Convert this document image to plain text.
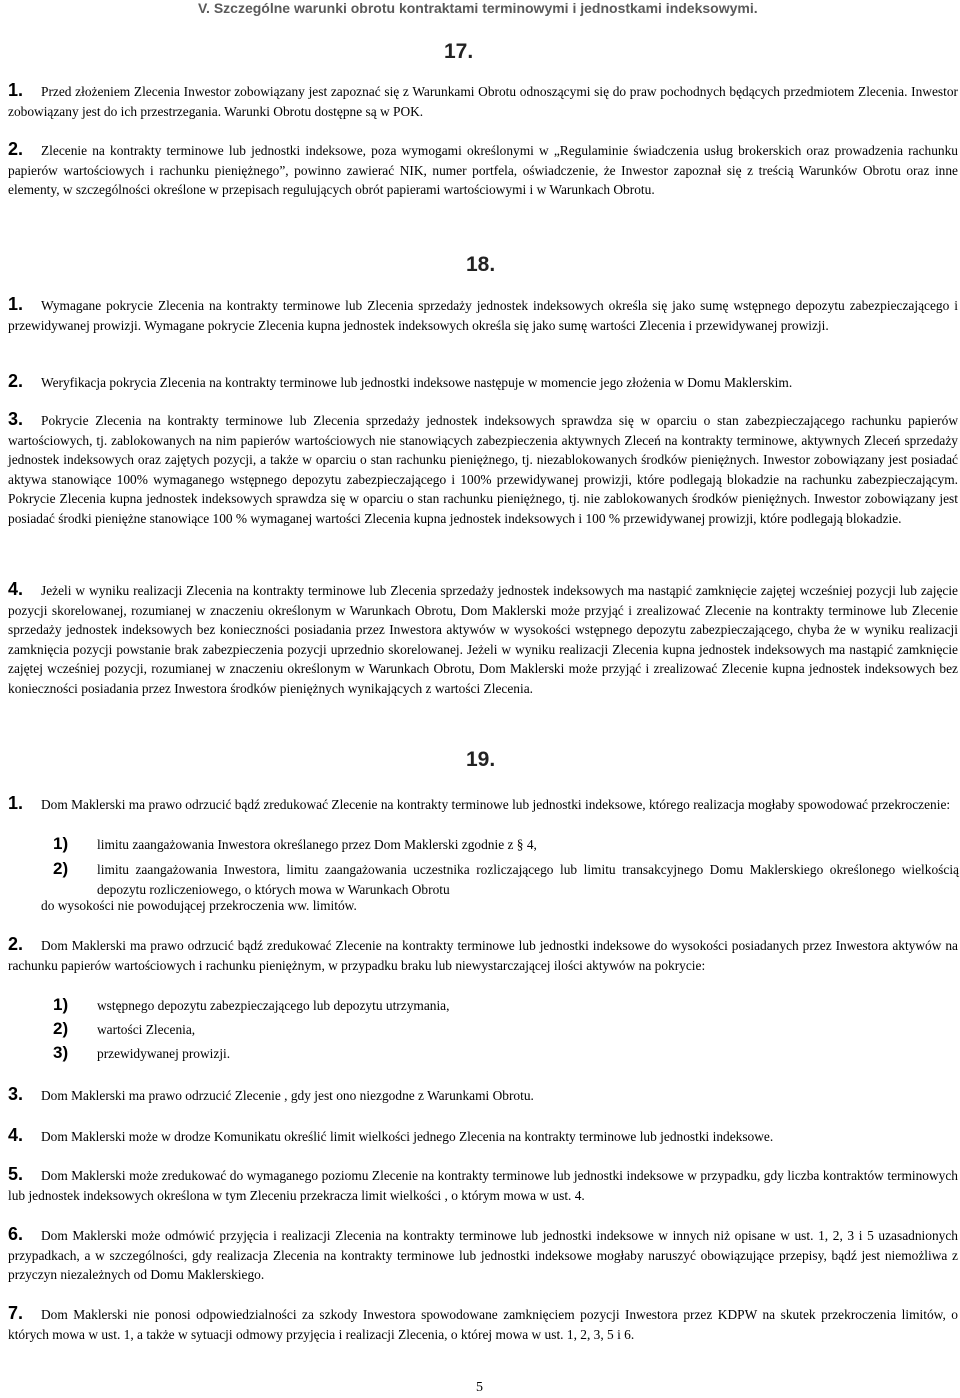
V. Szczególne warunki obrotu kontraktami terminowymi i jednostkami indeksowymi.
17.
1.	Przed złożeniem Zlecenia Inwestor zobowiązany jest zapoznać się z Warunkami Obrotu odnoszącymi się do praw pochodnych będących przedmiotem Zlecenia. Inwestor zobowiązany jest do ich przestrzegania. Warunki Obrotu dostępne są w POK.
2.	Zlecenie na kontrakty terminowe lub jednostki indeksowe, poza wymogami określonymi w „Regulaminie świadczenia usług brokerskich oraz prowadzenia rachunku papierów wartościowych i rachunku pieniężnego”, powinno zawierać NIK, numer portfela, oświadczenie, że Inwestor zapoznał się z treścią Warunków Obrotu oraz inne elementy, w szczególności określone w przepisach regulujących obrót papierami wartościowymi i w Warunkach Obrotu.
18.
1.	Wymagane pokrycie Zlecenia na kontrakty terminowe lub Zlecenia sprzedaży jednostek indeksowych określa się jako sumę wstępnego depozytu zabezpieczającego i przewidywanej prowizji. Wymagane pokrycie Zlecenia kupna jednostek indeksowych określa się jako sumę wartości Zlecenia i przewidywanej prowizji.
2.	Weryfikacja pokrycia Zlecenia na kontrakty terminowe lub jednostki indeksowe następuje w momencie jego złożenia w Domu Maklerskim.
3.	Pokrycie Zlecenia na kontrakty terminowe lub Zlecenia sprzedaży jednostek indeksowych sprawdza się w oparciu o stan zabezpieczającego rachunku papierów wartościowych, tj. zablokowanych na nim papierów wartościowych nie stanowiących zabezpieczenia aktywnych Zleceń na kontrakty terminowe, aktywnych Zleceń sprzedaży jednostek indeksowych oraz zajętych pozycji, a także w oparciu o stan rachunku pieniężnego, tj. niezablokowanych środków pieniężnych. Inwestor zobowiązany jest posiadać aktywa stanowiące 100% wymaganego wstępnego depozytu zabezpieczającego i 100% przewidywanej prowizji, które podlegają blokadzie na rachunku zabezpieczającym. Pokrycie Zlecenia kupna jednostek indeksowych sprawdza się w oparciu o stan rachunku pieniężnego, tj. nie zablokowanych środków pieniężnych. Inwestor zobowiązany jest posiadać środki pieniężne stanowiące 100 % wymaganej wartości Zlecenia kupna jednostek indeksowych i 100 % przewidywanej prowizji, które podlegają blokadzie.
4.	Jeżeli w wyniku realizacji Zlecenia na kontrakty terminowe lub Zlecenia sprzedaży jednostek indeksowych ma nastąpić zamknięcie zajętej wcześniej pozycji lub zajęcie pozycji skorelowanej, rozumianej w znaczeniu określonym w Warunkach Obrotu, Dom Maklerski może przyjąć i zrealizować Zlecenie na kontrakty terminowe lub Zlecenie sprzedaży jednostek indeksowych bez konieczności posiadania przez Inwestora aktywów w wysokości wstępnego depozytu zabezpieczającego, chyba że w wyniku realizacji zamknięcia pozycji powstanie brak zabezpieczenia pozycji uprzednio skorelowanej. Jeżeli w wyniku realizacji Zlecenia kupna jednostek indeksowych ma nastąpić zamknięcie zajętej wcześniej pozycji, rozumianej w znaczeniu określonym w Warunkach Obrotu, Dom Maklerski może przyjąć i zrealizować Zlecenie kupna jednostek indeksowych bez konieczności posiadania przez Inwestora środków pieniężnych wynikających z wartości Zlecenia.
19.
1.	Dom Maklerski ma prawo odrzucić bądź zredukować Zlecenie na kontrakty terminowe lub jednostki indeksowe, którego realizacja mogłaby spowodować przekroczenie:
1) limitu zaangażowania Inwestora określanego przez Dom Maklerski zgodnie z § 4,
2) limitu zaangażowania Inwestora, limitu zaangażowania uczestnika rozliczającego lub limitu transakcyjnego Domu Maklerskiego określonego wielkością depozytu rozliczeniowego, o których mowa w Warunkach Obrotu
do wysokości nie powodującej przekroczenia ww. limitów.
2.	Dom Maklerski ma prawo odrzucić bądź zredukować Zlecenie na kontrakty terminowe lub jednostki indeksowe do wysokości posiadanych przez Inwestora aktywów na rachunku papierów wartościowych i rachunku pieniężnym, w przypadku braku lub niewystarczającej ilości aktywów na pokrycie:
1) wstępnego depozytu zabezpieczającego lub depozytu utrzymania,
2) wartości Zlecenia,
3) przewidywanej prowizji.
3.	Dom Maklerski ma prawo odrzucić Zlecenie , gdy jest ono niezgodne z Warunkami Obrotu.
4.	Dom Maklerski może w drodze Komunikatu określić limit wielkości jednego Zlecenia na kontrakty terminowe lub jednostki indeksowe.
5.	Dom Maklerski może zredukować do wymaganego poziomu Zlecenie na kontrakty terminowe lub jednostki indeksowe w przypadku, gdy liczba kontraktów terminowych lub jednostek indeksowych określona w tym Zleceniu przekracza limit wielkości , o którym mowa w ust. 4.
6.	Dom Maklerski może odmówić przyjęcia i realizacji Zlecenia na kontrakty terminowe lub jednostki indeksowe w innych niż opisane w ust. 1, 2, 3 i 5 uzasadnionych przypadkach, a w szczególności, gdy realizacja Zlecenia na kontrakty terminowe lub jednostki indeksowe mogłaby naruszyć obowiązujące przepisy, bądź jest niemożliwa z przyczyn niezależnych od Domu Maklerskiego.
7.	Dom Maklerski nie ponosi odpowiedzialności za szkody Inwestora spowodowane zamknięciem pozycji Inwestora przez KDPW na skutek przekroczenia limitów, o których mowa w ust. 1, a także w sytuacji odmowy przyjęcia i realizacji Zlecenia, o której mowa w ust. 1, 2, 3, 5 i 6.
5
